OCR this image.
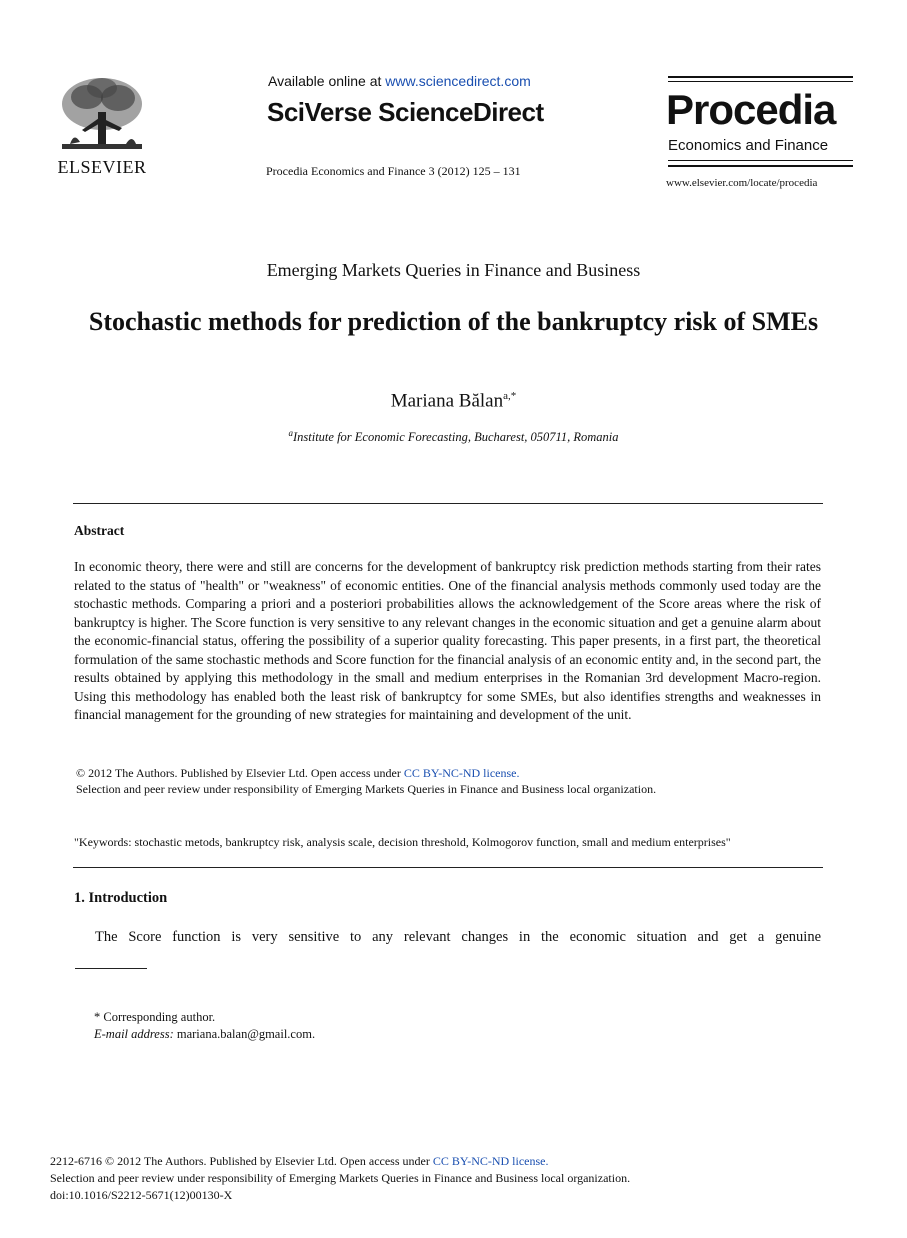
ELSEVIER
Available online at www.sciencedirect.com
SciVerse ScienceDirect
Procedia Economics and Finance 3 (2012) 125 – 131
Procedia
Economics and Finance
www.elsevier.com/locate/procedia
Emerging Markets Queries in Finance and Business
Stochastic methods for prediction of the bankruptcy risk of SMEs
Mariana Bălan$^{a,*}$
$^a$Institute for Economic Forecasting, Bucharest, 050711, Romania
Abstract
In economic theory, there were and still are concerns for the development of bankruptcy risk prediction methods starting from their rates related to the status of "health" or "weakness" of economic entities. One of the financial analysis methods commonly used today are the stochastic methods. Comparing a priori and a posteriori probabilities allows the acknowledgement of the Score areas where the risk of bankruptcy is higher. The Score function is very sensitive to any relevant changes in the economic situation and get a genuine alarm about the economic-financial status, offering the possibility of a superior quality forecasting. This paper presents, in a first part, the theoretical formulation of the same stochastic methods and Score function for the financial analysis of an economic entity and, in the second part, the results obtained by applying this methodology in the small and medium enterprises in the Romanian 3rd development Macro-region. Using this methodology has enabled both the least risk of bankruptcy for some SMEs, but also identifies strengths and weaknesses in financial management for the grounding of new strategies for maintaining and development of the unit.
© 2012 The Authors. Published by Elsevier Ltd. Open access under CC BY-NC-ND license.
Selection and peer review under responsibility of Emerging Markets Queries in Finance and Business local organization.
"Keywords: stochastic metods, bankruptcy risk, analysis scale, decision threshold, Kolmogorov function, small and medium enterprises"
1. Introduction
The Score function is very sensitive to any relevant changes in the economic situation and get a genuine
* Corresponding author.
E-mail address: mariana.balan@gmail.com.
2212-6716 © 2012 The Authors. Published by Elsevier Ltd. Open access under CC BY-NC-ND license.
Selection and peer review under responsibility of Emerging Markets Queries in Finance and Business local organization.
doi:10.1016/S2212-5671(12)00130-X
